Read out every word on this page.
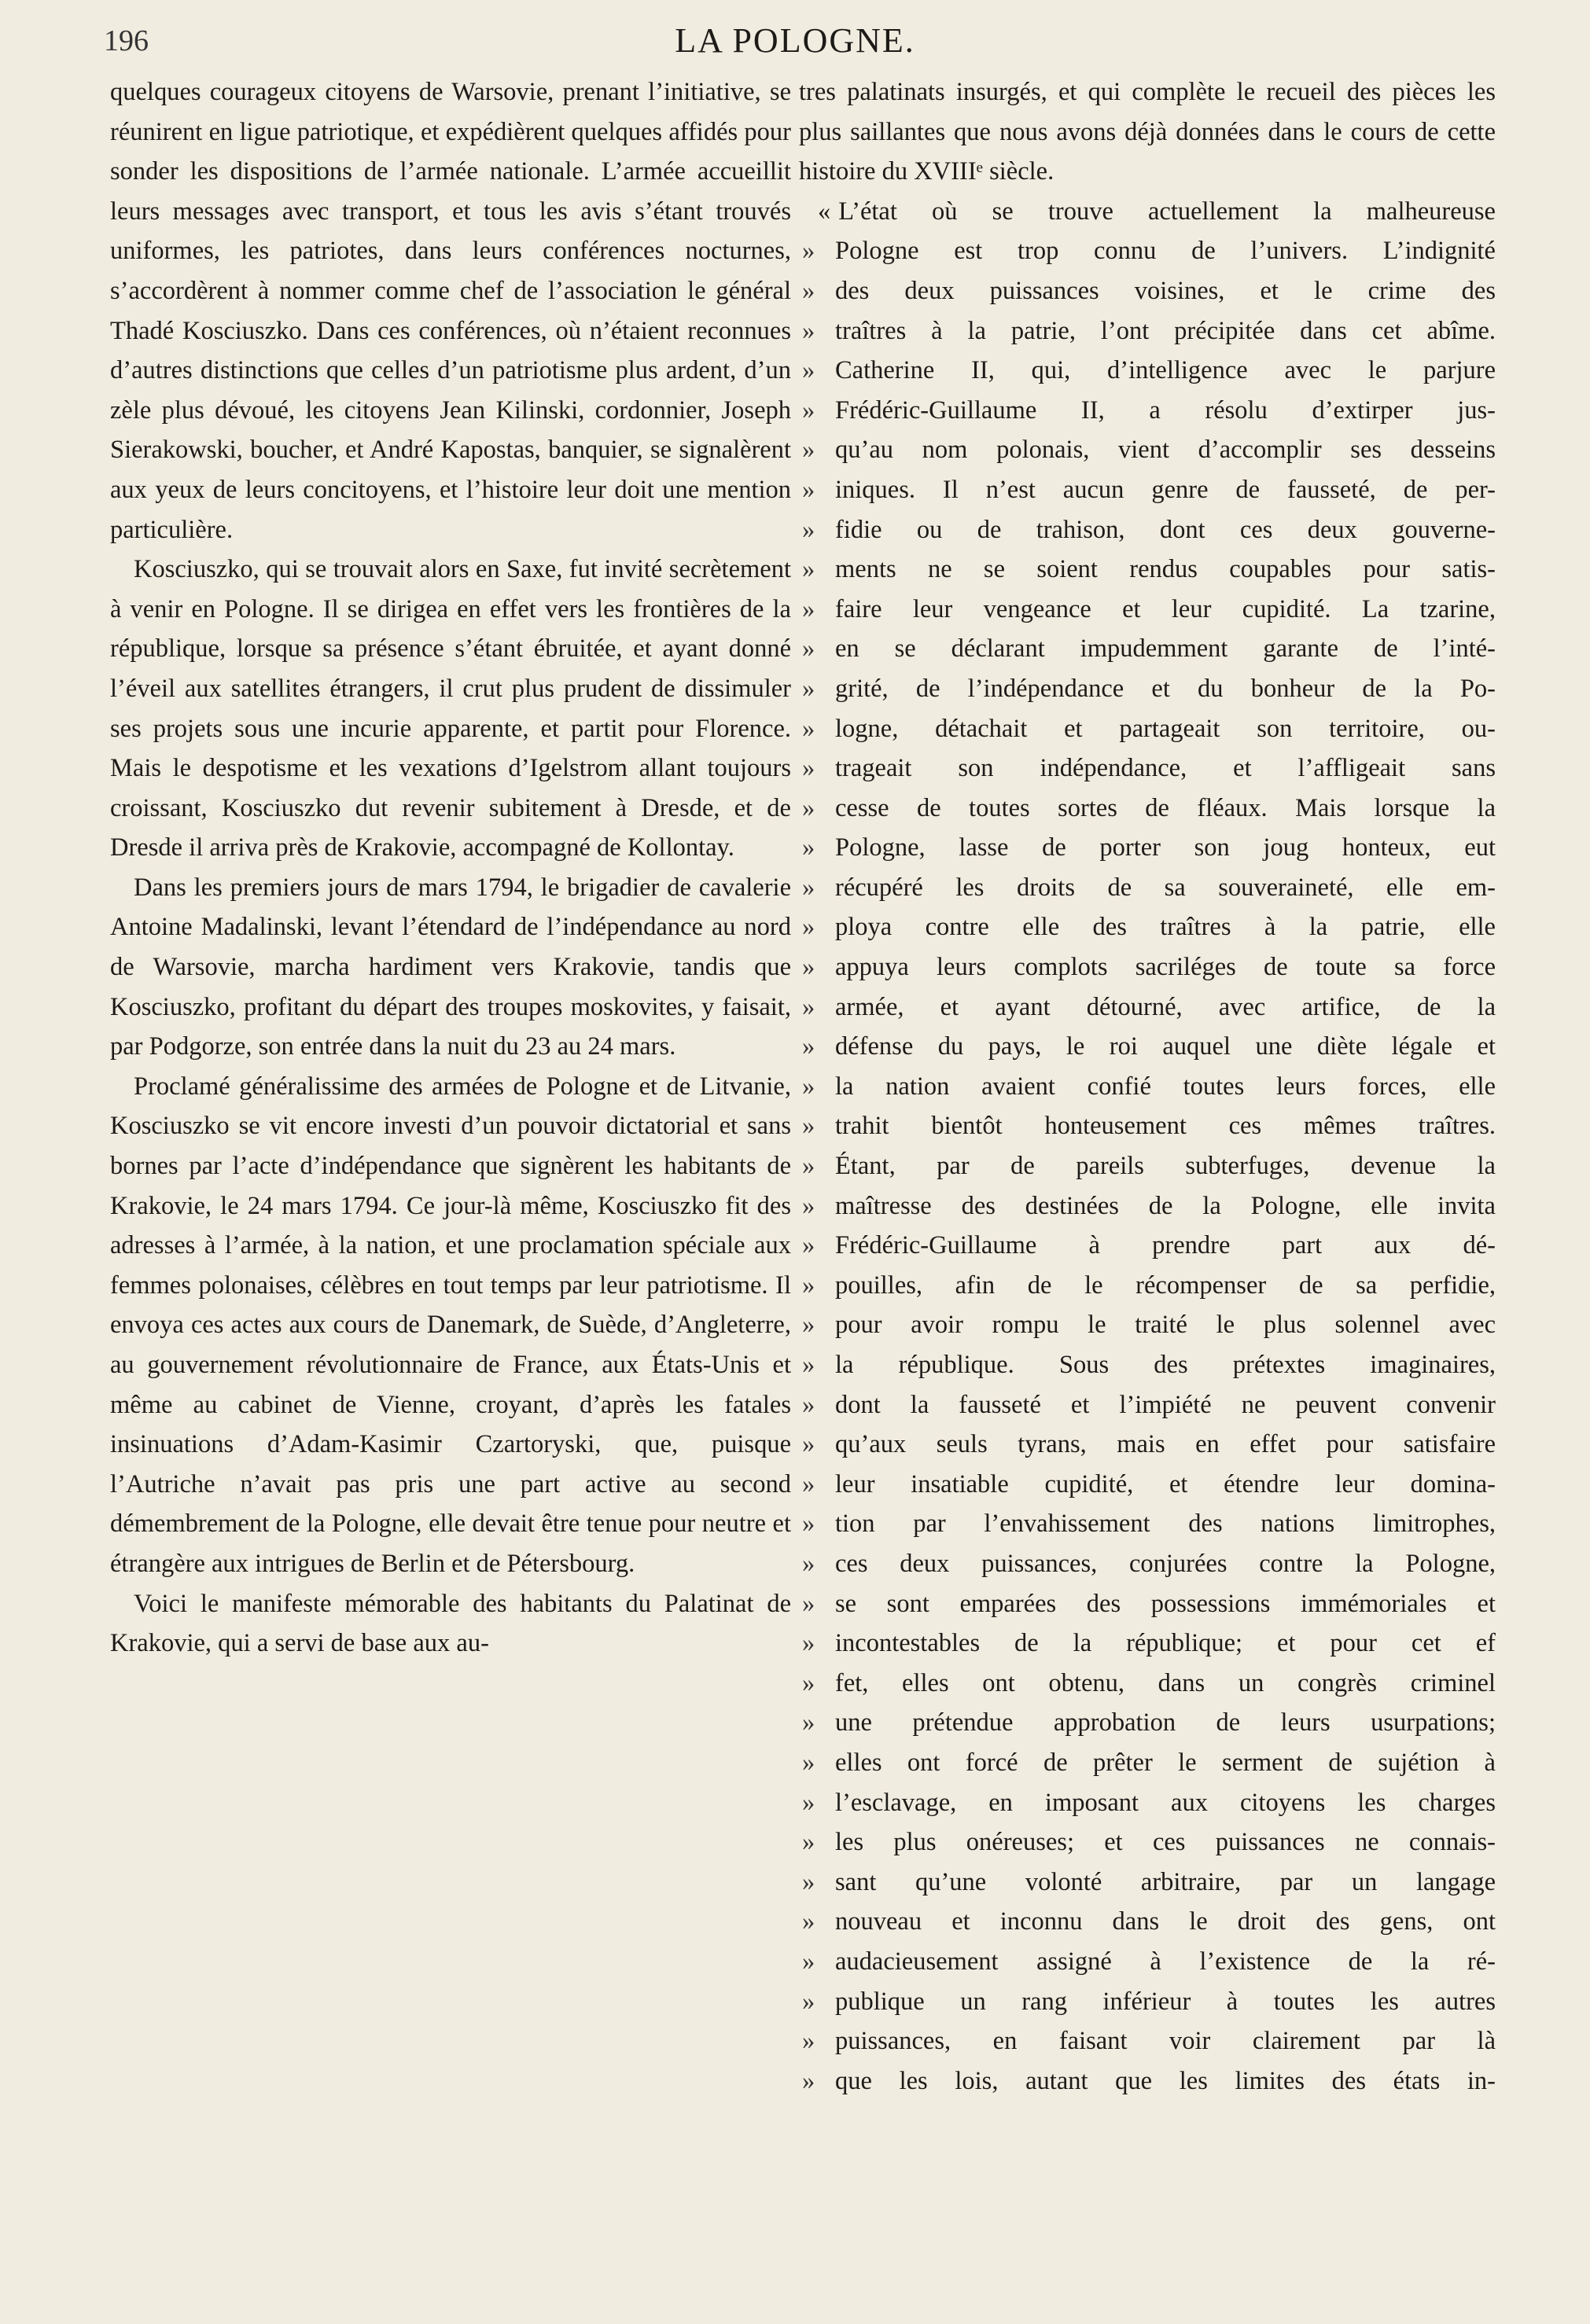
196	LA POLOGNE.

quelques courageux citoyens de Warsovie, prenant l’initiative, se réunirent en ligue patriotique, et expédièrent quelques affidés pour sonder les dispositions de l’armée nationale. L’armée accueillit leurs messages avec transport, et tous les avis s’étant trouvés uniformes, les patriotes, dans leurs conférences nocturnes, s’accordèrent à nommer comme chef de l’association le général Thadé Kosciuszko. Dans ces conférences, où n’étaient reconnues d’autres distinctions que celles d’un patriotisme plus ardent, d’un zèle plus dévoué, les citoyens Jean Kilinski, cordonnier, Joseph Sierakowski, boucher, et André Kapostas, banquier, se signalèrent aux yeux de leurs concitoyens, et l’histoire leur doit une mention particulière.

Kosciuszko, qui se trouvait alors en Saxe, fut invité secrètement à venir en Pologne. Il se dirigea en effet vers les frontières de la république, lorsque sa présence s’étant ébruitée, et ayant donné l’éveil aux satellites étrangers, il crut plus prudent de dissimuler ses projets sous une incurie apparente, et partit pour Florence. Mais le despotisme et les vexations d’Igelstrom allant toujours croissant, Kosciuszko dut revenir subitement à Dresde, et de Dresde il arriva près de Krakovie, accompagné de Kollontay.

Dans les premiers jours de mars 1794, le brigadier de cavalerie Antoine Madalinski, levant l’étendard de l’indépendance au nord de Warsovie, marcha hardiment vers Krakovie, tandis que Kosciuszko, profitant du départ des troupes moskovites, y faisait, par Podgorze, son entrée dans la nuit du 23 au 24 mars.

Proclamé généralissime des armées de Pologne et de Litvanie, Kosciuszko se vit encore investi d’un pouvoir dictatorial et sans bornes par l’acte d’indépendance que signèrent les habitants de Krakovie, le 24 mars 1794. Ce jour-là même, Kosciuszko fit des adresses à l’armée, à la nation, et une proclamation spéciale aux femmes polonaises, célèbres en tout temps par leur patriotisme. Il envoya ces actes aux cours de Danemark, de Suède, d’Angleterre, au gouvernement révolutionnaire de France, aux États-Unis et même au cabinet de Vienne, croyant, d’après les fatales insinuations d’Adam-Kasimir Czartoryski, que, puisque l’Autriche n’avait pas pris une part active au second démembrement de la Pologne, elle devait être tenue pour neutre et étrangère aux intrigues de Berlin et de Pétersbourg.

Voici le manifeste mémorable des habitants du Palatinat de Krakovie, qui a servi de base aux au-

tres palatinats insurgés, et qui complète le recueil des pièces les plus saillantes que nous avons déjà données dans le cours de cette histoire du XVIIIᵉ siècle.

« L’état où se trouve actuellement la malheureuse
» Pologne est trop connu de l’univers. L’indignité
» des deux puissances voisines, et le crime des
» traîtres à la patrie, l’ont précipitée dans cet abîme.
» Catherine II, qui, d’intelligence avec le parjure
» Frédéric-Guillaume II, a résolu d’extirper jus-
» qu’au nom polonais, vient d’accomplir ses desseins
» iniques. Il n’est aucun genre de fausseté, de per-
» fidie ou de trahison, dont ces deux gouverne-
» ments ne se soient rendus coupables pour satis-
» faire leur vengeance et leur cupidité. La tzarine,
» en se déclarant impudemment garante de l’inté-
» grité, de l’indépendance et du bonheur de la Po-
» logne, détachait et partageait son territoire, ou-
» trageait son indépendance, et l’affligeait sans
» cesse de toutes sortes de fléaux. Mais lorsque la
» Pologne, lasse de porter son joug honteux, eut
» récupéré les droits de sa souveraineté, elle em-
» ploya contre elle des traîtres à la patrie, elle
» appuya leurs complots sacriléges de toute sa force
» armée, et ayant détourné, avec artifice, de la
» défense du pays, le roi auquel une diète légale et
» la nation avaient confié toutes leurs forces, elle
» trahit bientôt honteusement ces mêmes traîtres.
» Étant, par de pareils subterfuges, devenue la
» maîtresse des destinées de la Pologne, elle invita
» Frédéric-Guillaume à prendre part aux dé-
» pouilles, afin de le récompenser de sa perfidie,
» pour avoir rompu le traité le plus solennel avec
» la république. Sous des prétextes imaginaires,
» dont la fausseté et l’impiété ne peuvent convenir
» qu’aux seuls tyrans, mais en effet pour satisfaire
» leur insatiable cupidité, et étendre leur domina-
» tion par l’envahissement des nations limitrophes,
» ces deux puissances, conjurées contre la Pologne,
» se sont emparées des possessions immémoriales et
» incontestables de la république; et pour cet ef
» fet, elles ont obtenu, dans un congrès criminel
» une prétendue approbation de leurs usurpations;
» elles ont forcé de prêter le serment de sujétion à
» l’esclavage, en imposant aux citoyens les charges
» les plus onéreuses; et ces puissances ne connais-
» sant qu’une volonté arbitraire, par un langage
» nouveau et inconnu dans le droit des gens, ont
» audacieusement assigné à l’existence de la ré-
» publique un rang inférieur à toutes les autres
» puissances, en faisant voir clairement par là
» que les lois, autant que les limites des états in-
